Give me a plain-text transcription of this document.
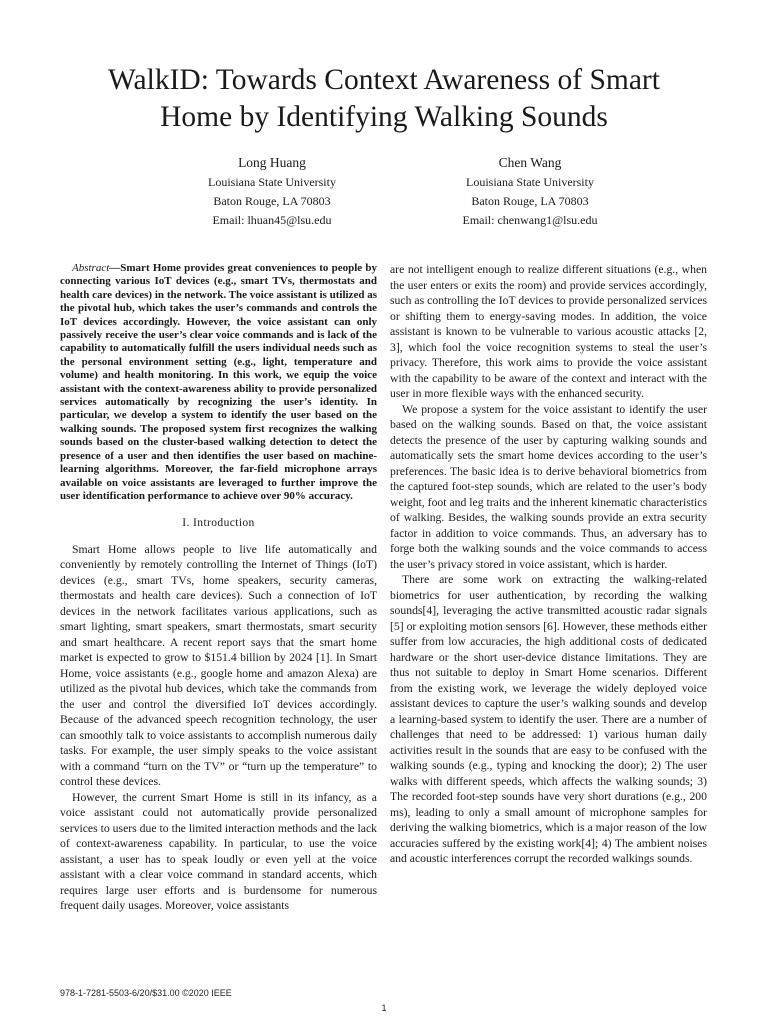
WalkID: Towards Context Awareness of Smart
Home by Identifying Walking Sounds
Long Huang
Louisiana State University
Baton Rouge, LA 70803
Email: lhuan45@lsu.edu
Chen Wang
Louisiana State University
Baton Rouge, LA 70803
Email: chenwang1@lsu.edu

Abstract—Smart Home provides great conveniences to people by connecting various IoT devices (e.g., smart TVs, thermostats and health care devices) in the network. The voice assistant is utilized as the pivotal hub, which takes the user’s commands and controls the IoT devices accordingly. However, the voice assistant can only passively receive the user’s clear voice commands and is lack of the capability to automatically fulfill the users individual needs such as the personal environment setting (e.g., light, temperature and volume) and health monitoring. In this work, we equip the voice assistant with the context-awareness ability to provide personalized services automatically by recognizing the user’s identity. In particular, we develop a system to identify the user based on the walking sounds. The proposed system first recognizes the walking sounds based on the cluster-based walking detection to detect the presence of a user and then identifies the user based on machine-learning algorithms. Moreover, the far-field microphone arrays available on voice assistants are leveraged to further improve the user identification performance to achieve over 90% accuracy.

I. Introduction

Smart Home allows people to live life automatically and conveniently by remotely controlling the Internet of Things (IoT) devices (e.g., smart TVs, home speakers, security cameras, thermostats and health care devices). Such a connection of IoT devices in the network facilitates various applications, such as smart lighting, smart speakers, smart thermostats, smart security and smart healthcare. A recent report says that the smart home market is expected to grow to $151.4 billion by 2024 [1]. In Smart Home, voice assistants (e.g., google home and amazon Alexa) are utilized as the pivotal hub devices, which take the commands from the user and control the diversified IoT devices accordingly. Because of the advanced speech recognition technology, the user can smoothly talk to voice assistants to accomplish numerous daily tasks. For example, the user simply speaks to the voice assistant with a command “turn on the TV” or “turn up the temperature” to control these devices.

However, the current Smart Home is still in its infancy, as a voice assistant could not automatically provide personalized services to users due to the limited interaction methods and the lack of context-awareness capability. In particular, to use the voice assistant, a user has to speak loudly or even yell at the voice assistant with a clear voice command in standard accents, which requires large user efforts and is burdensome for numerous frequent daily usages. Moreover, voice assistants

are not intelligent enough to realize different situations (e.g., when the user enters or exits the room) and provide services accordingly, such as controlling the IoT devices to provide personalized services or shifting them to energy-saving modes. In addition, the voice assistant is known to be vulnerable to various acoustic attacks [2, 3], which fool the voice recognition systems to steal the user’s privacy. Therefore, this work aims to provide the voice assistant with the capability to be aware of the context and interact with the user in more flexible ways with the enhanced security.

We propose a system for the voice assistant to identify the user based on the walking sounds. Based on that, the voice assistant detects the presence of the user by capturing walking sounds and automatically sets the smart home devices according to the user’s preferences. The basic idea is to derive behavioral biometrics from the captured foot-step sounds, which are related to the user’s body weight, foot and leg traits and the inherent kinematic characteristics of walking. Besides, the walking sounds provide an extra security factor in addition to voice commands. Thus, an adversary has to forge both the walking sounds and the voice commands to access the user’s privacy stored in voice assistant, which is harder.

There are some work on extracting the walking-related biometrics for user authentication, by recording the walking sounds[4], leveraging the active transmitted acoustic radar signals [5] or exploiting motion sensors [6]. However, these methods either suffer from low accuracies, the high additional costs of dedicated hardware or the short user-device distance limitations. They are thus not suitable to deploy in Smart Home scenarios. Different from the existing work, we leverage the widely deployed voice assistant devices to capture the user’s walking sounds and develop a learning-based system to identify the user. There are a number of challenges that need to be addressed: 1) various human daily activities result in the sounds that are easy to be confused with the walking sounds (e.g., typing and knocking the door); 2) The user walks with different speeds, which affects the walking sounds; 3) The recorded foot-step sounds have very short durations (e.g., 200 ms), leading to only a small amount of microphone samples for deriving the walking biometrics, which is a major reason of the low accuracies suffered by the existing work[4]; 4) The ambient noises and acoustic interferences corrupt the recorded walkings sounds.

978-1-7281-5503-6/20/$31.00 ©2020 IEEE
1
